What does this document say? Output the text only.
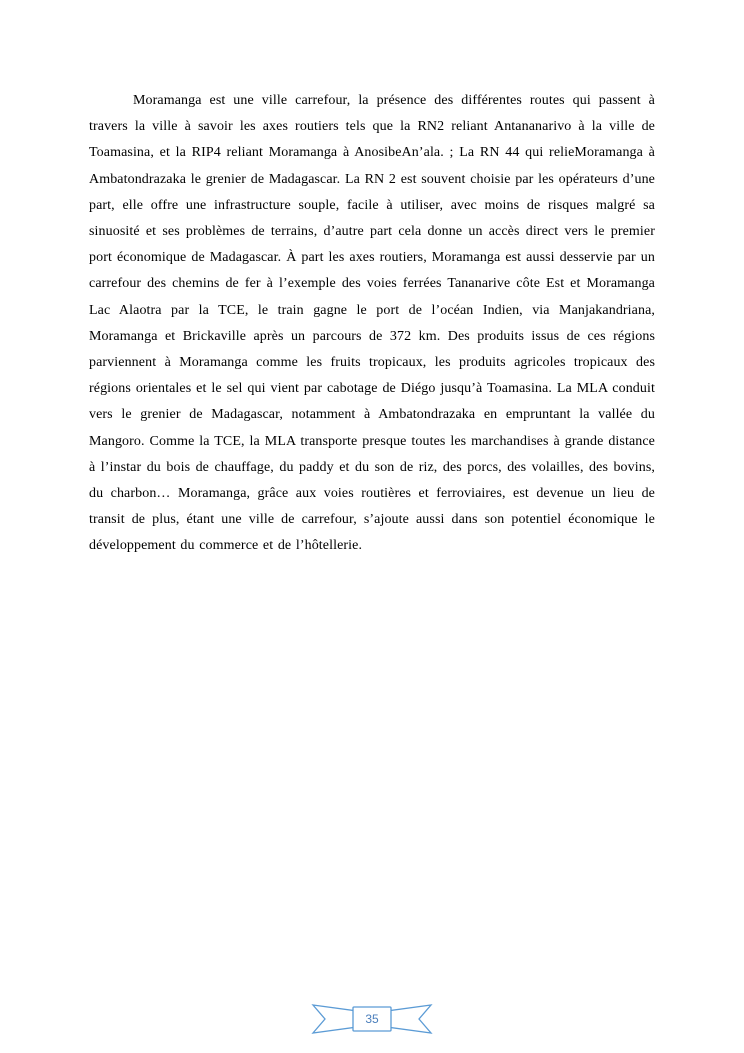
Moramanga est une ville carrefour, la présence des différentes routes qui passent à travers la ville à savoir les axes routiers tels que la RN2 reliant Antananarivo à la ville de Toamasina, et la RIP4 reliant Moramanga à AnosibeAn’ala. ; La RN 44 qui relieMoramanga à Ambatondrazaka le grenier de Madagascar. La RN 2 est souvent choisie par les opérateurs d’une part, elle offre une infrastructure souple, facile à utiliser, avec moins de risques malgré sa sinuosité et ses problèmes de terrains, d’autre part cela donne un accès direct vers le premier port économique de Madagascar. À part les axes routiers, Moramanga est aussi desservie par un carrefour des chemins de fer à l’exemple des voies ferrées Tananarive côte Est et Moramanga Lac Alaotra par la TCE, le train gagne le port de l’océan Indien, via Manjakandriana, Moramanga et Brickaville après un parcours de 372 km. Des produits issus de ces régions parviennent à Moramanga comme les fruits tropicaux, les produits agricoles tropicaux des régions orientales et le sel qui vient par cabotage de Diégo jusqu’à Toamasina. La MLA conduit vers le grenier de Madagascar, notamment à Ambatondrazaka en empruntant la vallée du Mangoro. Comme la TCE, la MLA transporte presque toutes les marchandises à grande distance à l’instar du bois de chauffage, du paddy et du son de riz, des porcs, des volailles, des bovins, du charbon… Moramanga, grâce aux voies routières et ferroviaires, est devenue un lieu de transit de plus, étant une ville de carrefour, s’ajoute aussi dans son potentiel économique le développement du commerce et de l’hôtellerie.

35
